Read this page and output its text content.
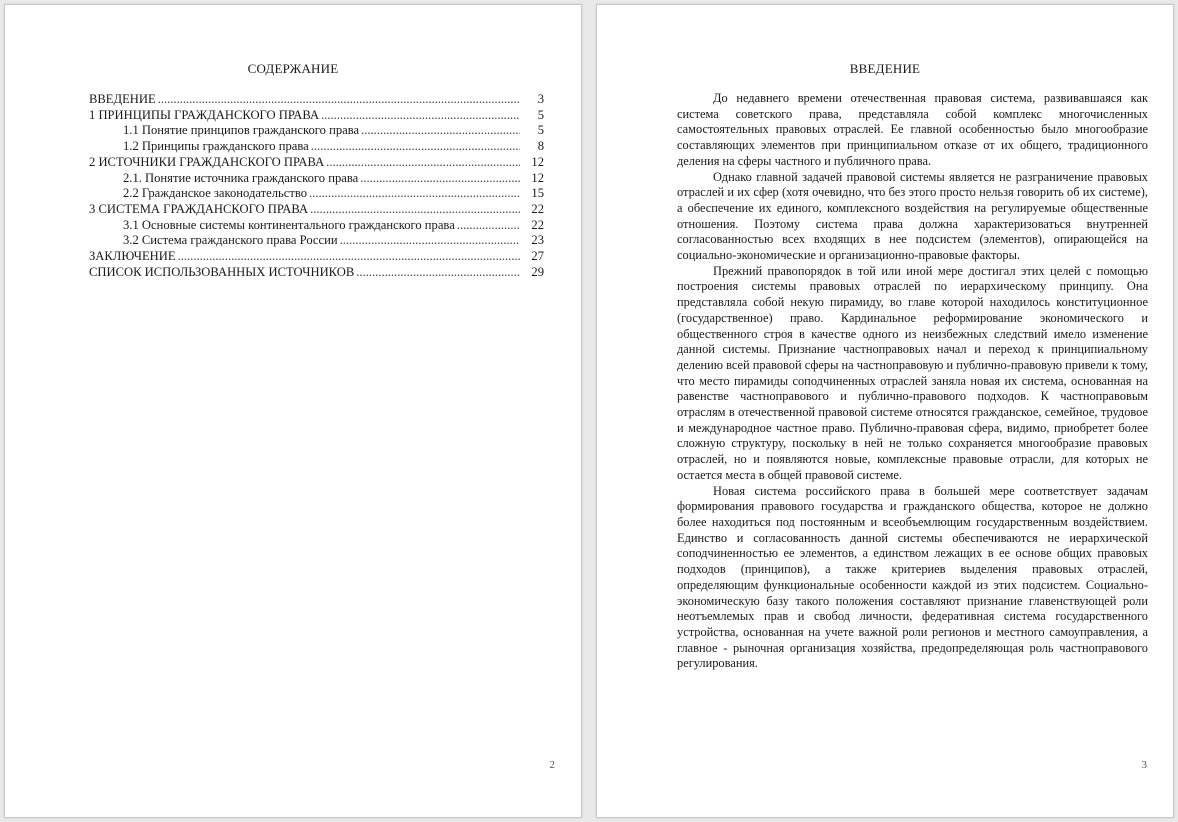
СОДЕРЖАНИЕ
ВВЕДЕНИЕ .....	3
1 ПРИНЦИПЫ ГРАЖДАНСКОГО ПРАВА .....	5
1.1 Понятие принципов гражданского права .....	5
1.2 Принципы гражданского права .....	8
2 ИСТОЧНИКИ ГРАЖДАНСКОГО ПРАВА .....	12
2.1. Понятие источника гражданского права .....	12
2.2 Гражданское законодательство .....	15
3 СИСТЕМА ГРАЖДАНСКОГО ПРАВА .....	22
3.1 Основные системы континентального гражданского права .....	22
3.2 Система гражданского права России .....	23
ЗАКЛЮЧЕНИЕ .....	27
СПИСОК ИСПОЛЬЗОВАННЫХ ИСТОЧНИКОВ .....	29
2
ВВЕДЕНИЕ

До недавнего времени отечественная правовая система, развивавшаяся как система советского права, представляла собой комплекс многочисленных самостоятельных правовых отраслей. Ее главной особенностью было многообразие составляющих элементов при принципиальном отказе от их общего, традиционного деления на сферы частного и публичного права.

Однако главной задачей правовой системы является не разграничение правовых отраслей и их сфер (хотя очевидно, что без этого просто нельзя говорить об их системе), а обеспечение их единого, комплексного воздействия на регулируемые общественные отношения. Поэтому система права должна характеризоваться внутренней согласованностью всех входящих в нее подсистем (элементов), опирающейся на социально-экономические и организационно-правовые факторы.

Прежний правопорядок в той или иной мере достигал этих целей с помощью построения системы правовых отраслей по иерархическому принципу. Она представляла собой некую пирамиду, во главе которой находилось конституционное (государственное) право. Кардинальное реформирование экономического и общественного строя в качестве одного из неизбежных следствий имело изменение данной системы. Признание частноправовых начал и переход к принципиальному делению всей правовой сферы на частноправовую и публично-правовую привели к тому, что место пирамиды соподчиненных отраслей заняла новая их система, основанная на равенстве частноправового и публично-правового подходов. К частноправовым отраслям в отечественной правовой системе относятся гражданское, семейное, трудовое и международное частное право. Публично-правовая сфера, видимо, приобретет более сложную структуру, поскольку в ней не только сохраняется многообразие правовых отраслей, но и появляются новые, комплексные правовые отрасли, для которых не остается места в общей правовой системе.

Новая система российского права в большей мере соответствует задачам формирования правового государства и гражданского общества, которое не должно более находиться под постоянным и всеобъемлющим государственным воздействием. Единство и согласованность данной системы обеспечиваются не иерархической соподчиненностью ее элементов, а единством лежащих в ее основе общих правовых подходов (принципов), а также критериев выделения правовых отраслей, определяющим функциональные особенности каждой из этих подсистем. Социально-экономическую базу такого положения составляют признание главенствующей роли неотъемлемых прав и свобод личности, федеративная система государственного устройства, основанная на учете важной роли регионов и местного самоуправления, а главное - рыночная организация хозяйства, предопределяющая роль частноправового регулирования.

3
